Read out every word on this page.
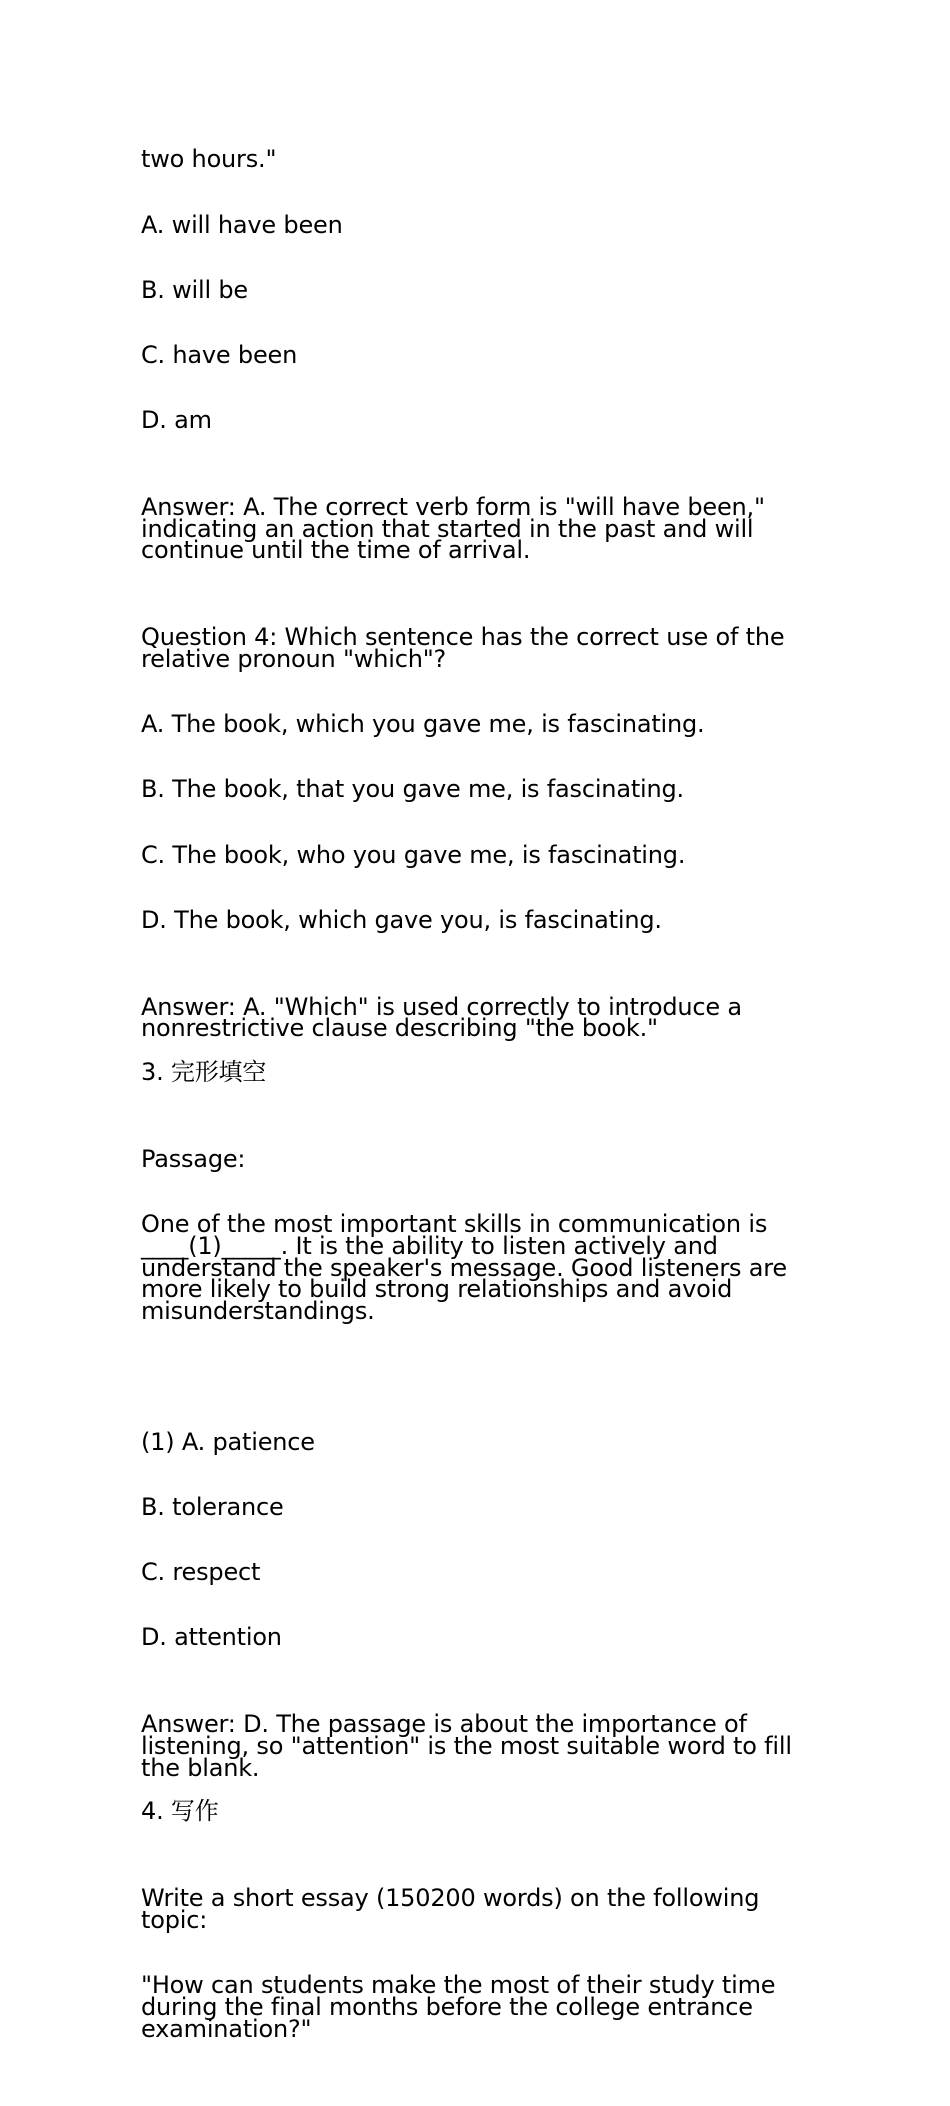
two hours."

A. will have been

B. will be

C. have been

D. am

Answer: A. The correct verb form is "will have been," indicating an action that started in the past and will continue until the time of arrival.

Question 4: Which sentence has the correct use of the relative pronoun "which"?

A. The book, which you gave me, is fascinating.

B. The book, that you gave me, is fascinating.

C. The book, who you gave me, is fascinating.

D. The book, which gave you, is fascinating.

Answer: A. "Which" is used correctly to introduce a nonrestrictive clause describing "the book."
3. 完形填空

Passage:

One of the most important skills in communication is ____(1)_____. It is the ability to listen actively and understand the speaker's message. Good listeners are more likely to build strong relationships and avoid misunderstandings.

(1) A. patience

B. tolerance

C. respect

D. attention

Answer: D. The passage is about the importance of listening, so "attention" is the most suitable word to fill the blank.
4. 写作

Write a short essay (150200 words) on the following topic:

"How can students make the most of their study time during the final months before the college entrance examination?"
